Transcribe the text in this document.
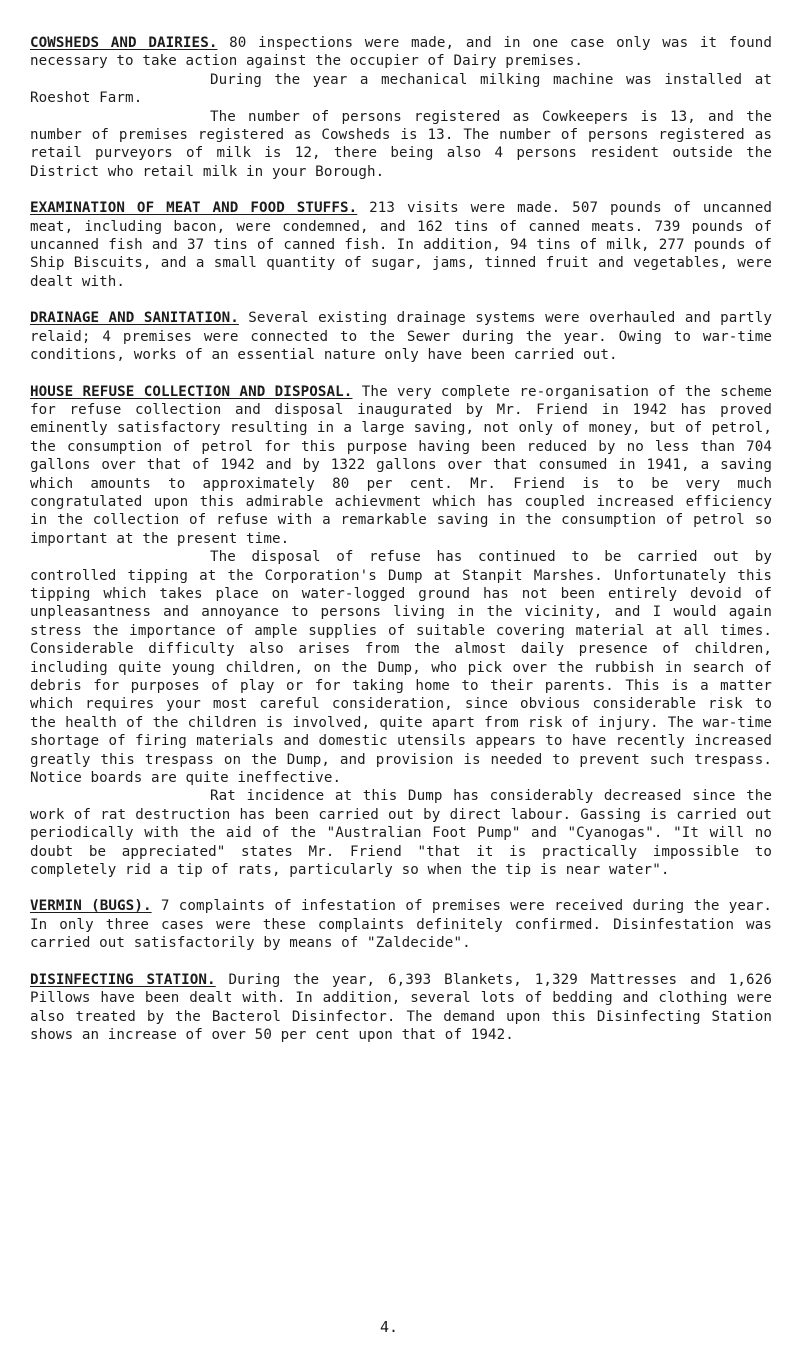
COWSHEDS AND DAIRIES. 80 inspections were made, and in one case only was it found necessary to take action against the occupier of Dairy premises.

During the year a mechanical milking machine was installed at Roeshot Farm.

The number of persons registered as Cowkeepers is 13, and the number of premises registered as Cowsheds is 13. The number of persons registered as retail purveyors of milk is 12, there being also 4 persons resident outside the District who retail milk in your Borough.

EXAMINATION OF MEAT AND FOOD STUFFS. 213 visits were made. 507 pounds of uncanned meat, including bacon, were condemned, and 162 tins of canned meats. 739 pounds of uncanned fish and 37 tins of canned fish. In addition, 94 tins of milk, 277 pounds of Ship Biscuits, and a small quantity of sugar, jams, tinned fruit and vegetables, were dealt with.

DRAINAGE AND SANITATION. Several existing drainage systems were overhauled and partly relaid; 4 premises were connected to the Sewer during the year. Owing to war-time conditions, works of an essential nature only have been carried out.

HOUSE REFUSE COLLECTION AND DISPOSAL. The very complete re-organisation of the scheme for refuse collection and disposal inaugurated by Mr. Friend in 1942 has proved eminently satisfactory resulting in a large saving, not only of money, but of petrol, the consumption of petrol for this purpose having been reduced by no less than 704 gallons over that of 1942 and by 1322 gallons over that consumed in 1941, a saving which amounts to approximately 80 per cent. Mr. Friend is to be very much congratulated upon this admirable achievment which has coupled increased efficiency in the collection of refuse with a remarkable saving in the consumption of petrol so important at the present time.

The disposal of refuse has continued to be carried out by controlled tipping at the Corporation's Dump at Stanpit Marshes. Unfortunately this tipping which takes place on water-logged ground has not been entirely devoid of unpleasantness and annoyance to persons living in the vicinity, and I would again stress the importance of ample supplies of suitable covering material at all times. Considerable difficulty also arises from the almost daily presence of children, including quite young children, on the Dump, who pick over the rubbish in search of debris for purposes of play or for taking home to their parents. This is a matter which requires your most careful consideration, since obvious considerable risk to the health of the children is involved, quite apart from risk of injury. The war-time shortage of firing materials and domestic utensils appears to have recently increased greatly this trespass on the Dump, and provision is needed to prevent such trespass. Notice boards are quite ineffective.

Rat incidence at this Dump has considerably decreased since the work of rat destruction has been carried out by direct labour. Gassing is carried out periodically with the aid of the "Australian Foot Pump" and "Cyanogas". "It will no doubt be appreciated" states Mr. Friend "that it is practically impossible to completely rid a tip of rats, particularly so when the tip is near water".

VERMIN (BUGS). 7 complaints of infestation of premises were received during the year. In only three cases were these complaints definitely confirmed. Disinfestation was carried out satisfactorily by means of "Zaldecide".

DISINFECTING STATION. During the year, 6,393 Blankets, 1,329 Mattresses and 1,626 Pillows have been dealt with. In addition, several lots of bedding and clothing were also treated by the Bacterol Disinfector. The demand upon this Disinfecting Station shows an increase of over 50 per cent upon that of 1942.

4.
